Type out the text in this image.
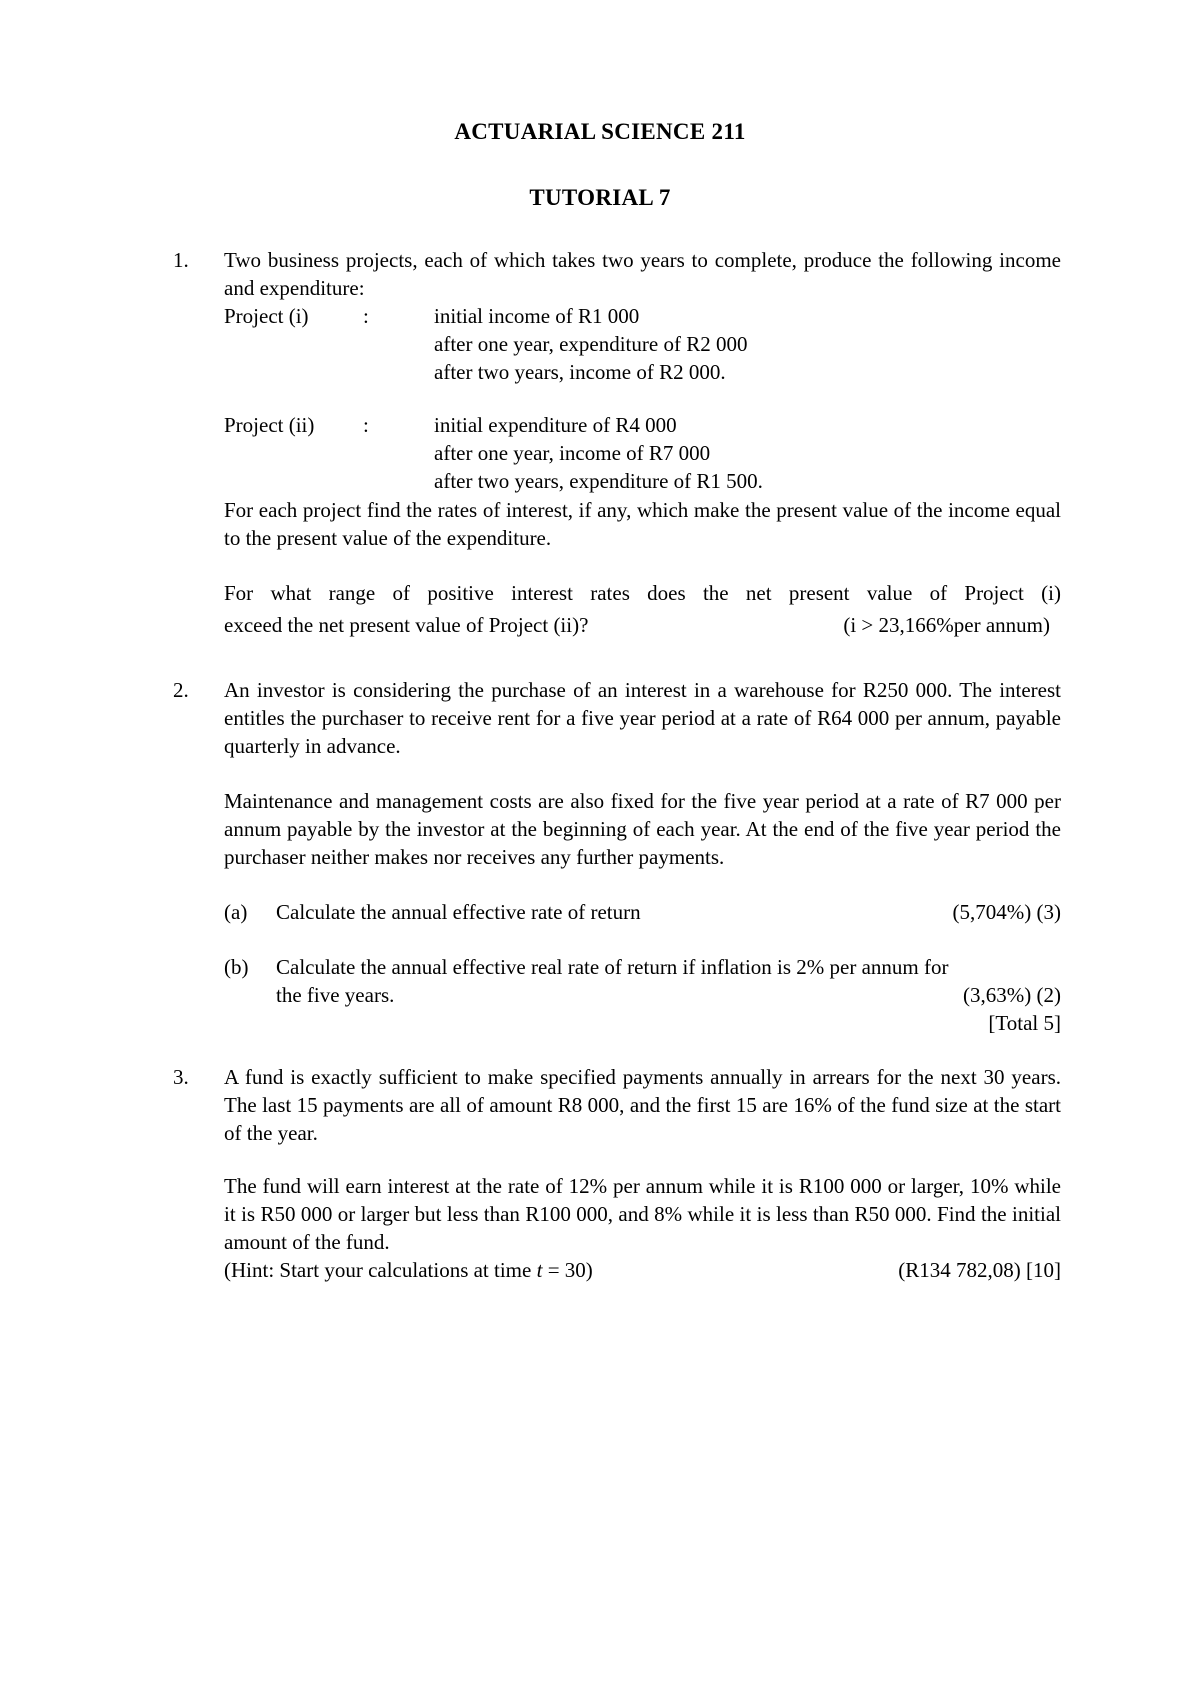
ACTUARIAL SCIENCE 211
TUTORIAL 7
1.	Two business projects, each of which takes two years to complete, produce the following income and expenditure:
Project (i)	:	initial income of R1 000
after one year, expenditure of R2 000
after two years, income of R2 000.
Project (ii) :	initial expenditure of R4 000
after one year, income of R7 000
after two years, expenditure of R1 500.
For each project find the rates of interest, if any, which make the present value of the income equal to the present value of the expenditure.
For what range of positive interest rates does the net present value of Project (i)
exceed the net present value of Project (ii)?	(i > 23,166%per annum)
2.	An investor is considering the purchase of an interest in a warehouse for R250 000. The interest entitles the purchaser to receive rent for a five year period at a rate of R64 000 per annum, payable quarterly in advance.
Maintenance and management costs are also fixed for the five year period at a rate of R7 000 per annum payable by the investor at the beginning of each year. At the end of the five year period the purchaser neither makes nor receives any further payments.
(a) Calculate the annual effective rate of return	(5,704%) (3)
(b) Calculate the annual effective real rate of return if inflation is 2% per annum for
the five years.	(3,63%) (2)
[Total 5]
3.	A fund is exactly sufficient to make specified payments annually in arrears for the next 30 years. The last 15 payments are all of amount R8 000, and the first 15 are 16% of the fund size at the start of the year.
The fund will earn interest at the rate of 12% per annum while it is R100 000 or larger, 10% while it is R50 000 or larger but less than R100 000, and 8% while it is less than R50 000. Find the initial amount of the fund.
(Hint: Start your calculations at time t = 30)	(R134 782,08) [10]
